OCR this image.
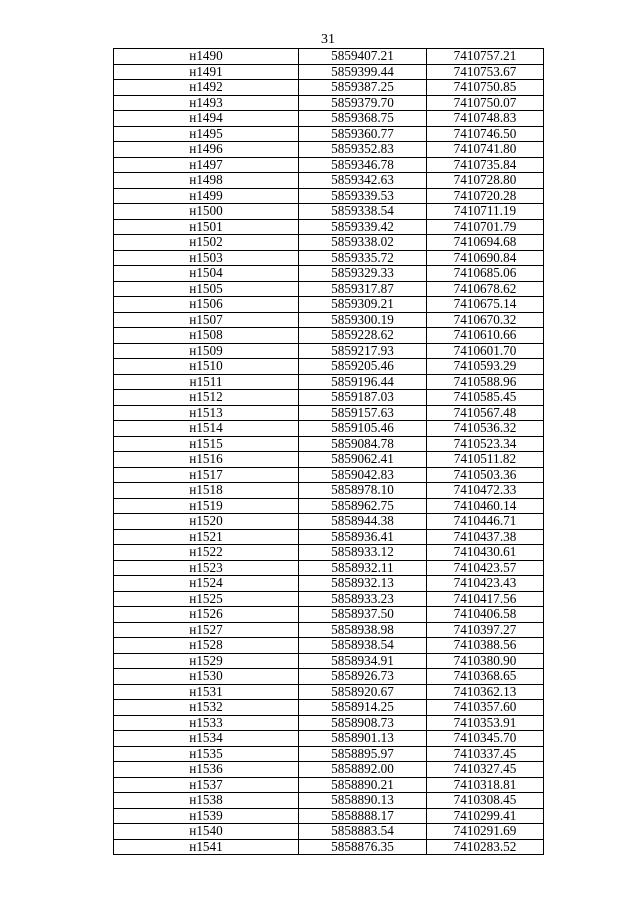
31
н1490	5859407.21	7410757.21
н1491	5859399.44	7410753.67
н1492	5859387.25	7410750.85
н1493	5859379.70	7410750.07
н1494	5859368.75	7410748.83
н1495	5859360.77	7410746.50
н1496	5859352.83	7410741.80
н1497	5859346.78	7410735.84
н1498	5859342.63	7410728.80
н1499	5859339.53	7410720.28
н1500	5859338.54	7410711.19
н1501	5859339.42	7410701.79
н1502	5859338.02	7410694.68
н1503	5859335.72	7410690.84
н1504	5859329.33	7410685.06
н1505	5859317.87	7410678.62
н1506	5859309.21	7410675.14
н1507	5859300.19	7410670.32
н1508	5859228.62	7410610.66
н1509	5859217.93	7410601.70
н1510	5859205.46	7410593.29
н1511	5859196.44	7410588.96
н1512	5859187.03	7410585.45
н1513	5859157.63	7410567.48
н1514	5859105.46	7410536.32
н1515	5859084.78	7410523.34
н1516	5859062.41	7410511.82
н1517	5859042.83	7410503.36
н1518	5858978.10	7410472.33
н1519	5858962.75	7410460.14
н1520	5858944.38	7410446.71
н1521	5858936.41	7410437.38
н1522	5858933.12	7410430.61
н1523	5858932.11	7410423.57
н1524	5858932.13	7410423.43
н1525	5858933.23	7410417.56
н1526	5858937.50	7410406.58
н1527	5858938.98	7410397.27
н1528	5858938.54	7410388.56
н1529	5858934.91	7410380.90
н1530	5858926.73	7410368.65
н1531	5858920.67	7410362.13
н1532	5858914.25	7410357.60
н1533	5858908.73	7410353.91
н1534	5858901.13	7410345.70
н1535	5858895.97	7410337.45
н1536	5858892.00	7410327.45
н1537	5858890.21	7410318.81
н1538	5858890.13	7410308.45
н1539	5858888.17	7410299.41
н1540	5858883.54	7410291.69
н1541	5858876.35	7410283.52
